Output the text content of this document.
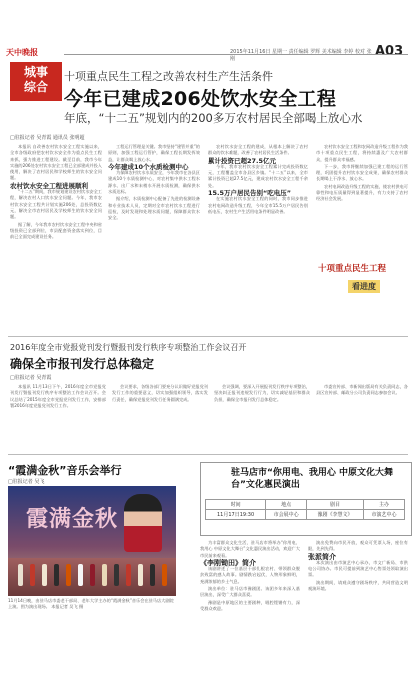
天中晚报
城事
综合
2015年11月16日 星期一 责任编辑 罗辉 美术编辑 李婷 校对 张刚	A03
十项重点民生工程之改善农村生产生活条件
今年已建成206处饮水安全工程
年底，“十二五”规划内的200多万农村居民全部喝上放心水
□驻报记者 吴青霞 通讯员 张明超

本报讯 自改善农村饮水安全工程实施以来，全市各级政府把农村饮水安全作为重点民生工程来抓，强力推进工程建设。截至目前，我市今年实施的206处农村饮水安全工程已全部建成并投入使用，解决了农村居民和学校师生的饮水安全问题。

农村饮水安全工程进展顺利

“十二五”期间，我市规划建设农村饮水安全工程，解决农村人口饮水安全问题。今年，我市农村饮水安全工程共计划实施206处，总投资数亿元，解决全市农村居民及学校师生的饮水安全问题。

据了解，今年我市农村饮水安全工程中央和省级投资已全部到位，市县配套资金落实到位，目前已全面完成建设任务。

工程运行管理是关键。我市坚持“建管并重”的原则，加强工程运行管护，确保工程长期发挥效益，让群众喝上放心水。

今年建成10个水质检测中心

为保障农村饮水水质安全，今年我市在各县区建成10个水质检测中心，对农村集中供水工程水源水、出厂水和末梢水开展水质检测，确保供水水质达标。

据介绍，水质检测中心配备了先进的检测设备和专业技术人员，定期对全市农村饮水工程进行巡检，及时发现和处理水质问题，保障群众饮水安全。

农村饮水安全工程的建成，从根本上解决了农村群众的饮水难题，改善了农村居民生活条件。

累计投资已超27.5亿元

今年，我市农村饮水安全工程累计完成投资数亿元，工程覆盖全市各县区乡镇。“十二五”以来，全市累计投资已超27.5亿元，建成农村饮水安全工程千余处。

15.5万户居民告别“吃电压”

在实施农村饮水安全工程的同时，我市同步推进农村电网改造升级工程，今年全市15.5万户居民告别低电压，农村生产生活用电条件明显改善。

农村饮水安全工程和农网改造升级工程作为我市十项重点民生工程，将持续惠及广大农村群众，提升群众幸福感。

下一步，我市将继续加强已建工程的运行管理，巩固提升农村饮水安全成果，确保农村群众长期喝上干净水、放心水。

农村电网改造升级工程的实施，使农村供电可靠性和电压质量得到显著提升，有力支持了农村经济社会发展。

十项重点民生工程
看进度
2016年度全市党报党刊发行暨报刊发行秩序专项整治工作会议召开
确保全市报刊发行总体稳定
□驻报记者 吴青霞

本报讯 11月13日下午，2016年度全市党报党刊发行暨报刊发行秩序专项整治工作会议召开。会议总结了2015年度全市党报党刊发行工作，安排部署2016年度党报党刊发行工作。

会议要求，各级各部门要充分认识做好党报党刊发行工作的重要意义，切实加强组织领导，落实发行责任，确保党报党刊发行任务圆满完成。

会议强调，要深入开展报刊发行秩序专项整治，坚决纠正报刊违规发行行为，切实减轻基层和群众负担，确保全市报刊发行总体稳定。

市委宣传部、市新闻出版局有关负责同志，各县区宣传部、邮政分公司负责同志参加会议。

“霞满金秋”音乐会举行
□驻报记者 吴飞
霞满金秋
11月14日晚，由驻马店市委老干部局、老年大学主办的“霞满金秋”音乐会在驻马店大剧院上演。图为演出现场。 本报记者 吴飞 摄
驻马店市“你用电、我用心 中原文化大舞台”文化惠民演出
时间	地点	剧目	主办
11月17日19:30	市会展中心	豫剧《李慧文》	市演艺中心

为丰富群众文化生活，驻马店市将举办“你用电、我用心 中原文化大舞台”文化惠民演出活动，欢迎广大市民前来观看。

《李刚锄田》简介

该剧讲述了一位基层干部扎根农村、带领群众脱贫致富的感人故事。剧情跌宕起伏，人物形象鲜明，充满浓郁的乡土气息。

演出单位：驻马店市豫剧团。该团多年来深入基层演出，深受广大群众喜爱。

豫剧是中原地区的主要剧种，唱腔铿锵有力，深受群众欢迎。

演出免费向市民开放，观众可凭票入场，座位有限，先到先得。

张派简介

本次演出由市演艺中心承办，市文广新局、市供电公司协办。市民可提前到演艺中心售票处领取演出票。

演出期间，请观众遵守剧场秩序，共同营造文明观演环境。
